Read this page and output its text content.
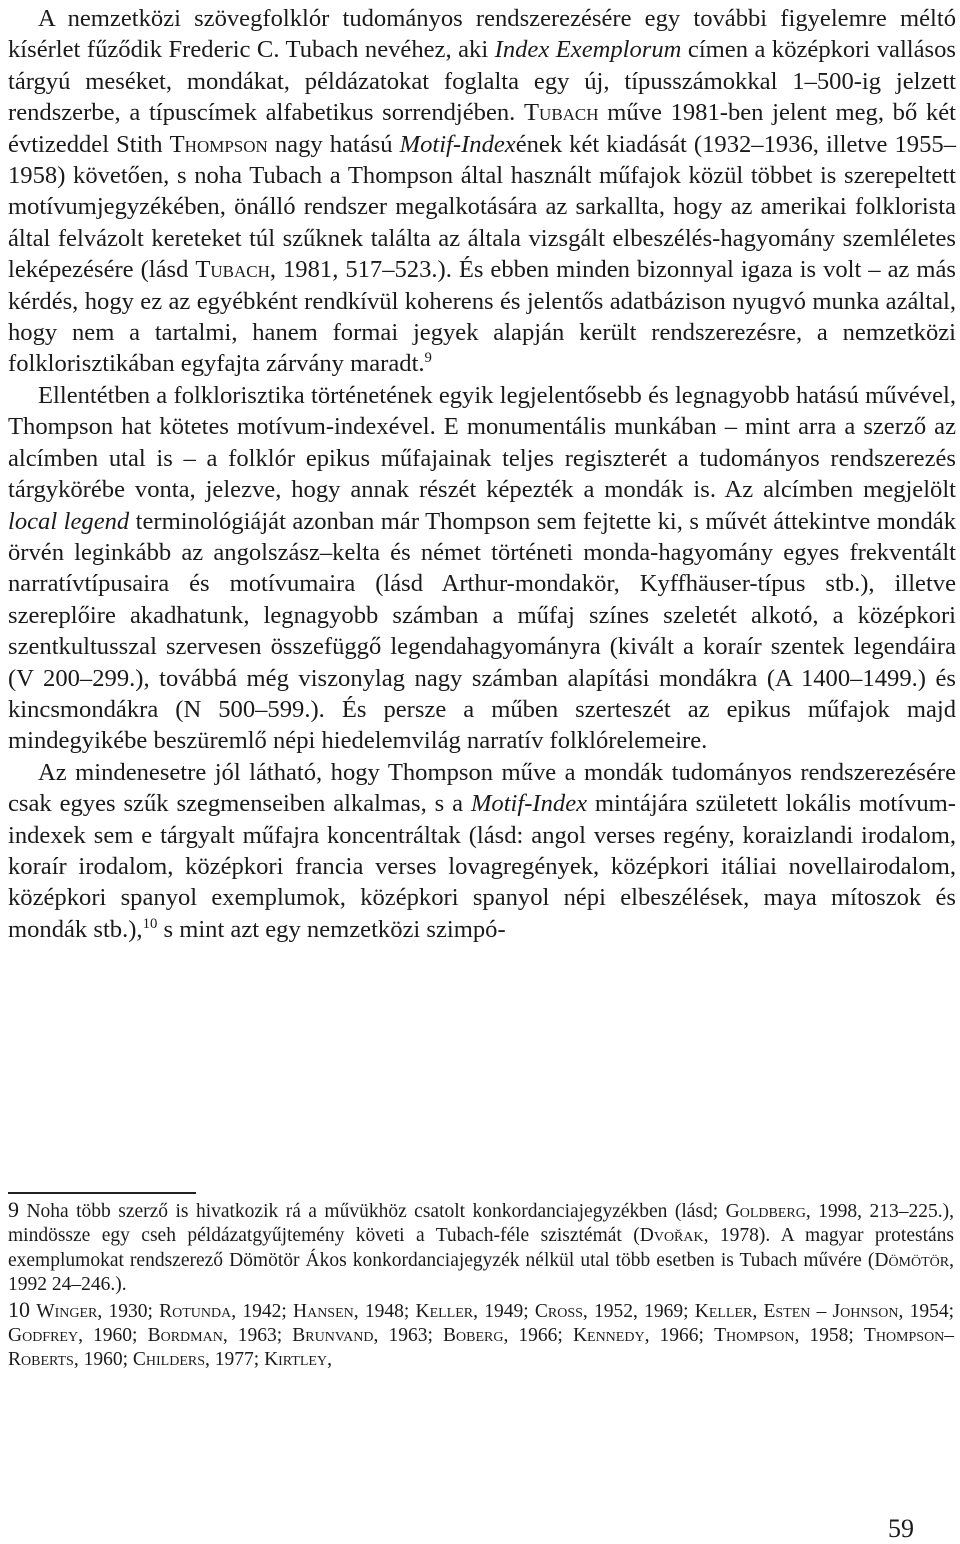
A nemzetközi szövegfolklór tudományos rendszerezésére egy további figyelemre méltó kísérlet fűződik Frederic C. Tubach nevéhez, aki Index Exemplorum címen a középkori vallásos tárgyú meséket, mondákat, példázatokat foglalta egy új, típusszámokkal 1–500-ig jelzett rendszerbe, a típuscímek alfabetikus sorrendjében. Tubach műve 1981-ben jelent meg, bő két évtizeddel Stith Thompson nagy hatású Motif-Indexének két kiadását (1932–1936, illetve 1955–1958) követően, s noha Tubach a Thompson által használt műfajok közül többet is szerepeltett motívumjegyzékében, önálló rendszer megalkotására az sarkallta, hogy az amerikai folklorista által felvázolt kereteket túl szűknek találta az általa vizsgált elbeszélés-hagyomány szemléletes leképezésére (lásd Tubach, 1981, 517–523.). És ebben minden bizonnyal igaza is volt – az más kérdés, hogy ez az egyébként rendkívül koherens és jelentős adatbázison nyugvó munka azáltal, hogy nem a tartalmi, hanem formai jegyek alapján került rendszerezésre, a nemzetközi folklorisztikában egyfajta zárvány maradt.$^9$

Ellentétben a folklorisztika történetének egyik legjelentősebb és legnagyobb hatású művével, Thompson hat kötetes motívum-indexével. E monumentális munkában – mint arra a szerző az alcímben utal is – a folklór epikus műfajainak teljes regiszterét a tudományos rendszerezés tárgykörébe vonta, jelezve, hogy annak részét képezték a mondák is. Az alcímben megjelölt local legend terminológiáját azonban már Thompson sem fejtette ki, s művét áttekintve mondák örvén leginkább az angolszász–kelta és német történeti monda-hagyomány egyes frekventált narratívtípusaira és motívumaira (lásd Arthur-mondakör, Kyffhäuser-típus stb.), illetve szereplőire akadhatunk, legnagyobb számban a műfaj színes szeletét alkotó, a középkori szentkultusszal szervesen összefüggő legendahagyományra (kivált a koraír szentek legendáira (V 200–299.), továbbá még viszonylag nagy számban alapítási mondákra (A 1400–1499.) és kincsmondákra (N 500–599.). És persze a műben szerteszét az epikus műfajok majd mindegyikébe beszüremlő népi hiedelemvilág narratív folklórelemeire.

Az mindenesetre jól látható, hogy Thompson műve a mondák tudományos rendszerezésére csak egyes szűk szegmenseiben alkalmas, s a Motif-Index mintájára született lokális motívum-indexek sem e tárgyalt műfajra koncentráltak (lásd: angol verses regény, koraizlandi irodalom, koraír irodalom, középkori francia verses lovagregények, középkori itáliai novellairodalom, középkori spanyol exemplumok, középkori spanyol népi elbeszélések, maya mítoszok és mondák stb.),$^{10}$ s mint azt egy nemzetközi szimpó-

9 Noha több szerző is hivatkozik rá a művükhöz csatolt konkordanciajegyzékben (lásd; Goldberg, 1998, 213–225.), mindössze egy cseh példázatgyűjtemény követi a Tubach-féle szisztémát (Dvořak, 1978). A magyar protestáns exemplumokat rendszerező Dömötör Ákos konkordanciajegyzék nélkül utal több esetben is Tubach művére (Dömötör, 1992 24–246.).

10 Winger, 1930; Rotunda, 1942; Hansen, 1948; Keller, 1949; Cross, 1952, 1969; Keller, Esten – Johnson, 1954; Godfrey, 1960; Bordman, 1963; Brunvand, 1963; Boberg, 1966; Kennedy, 1966; Thompson, 1958; Thompson–Roberts, 1960; Childers, 1977; Kirtley,

59
